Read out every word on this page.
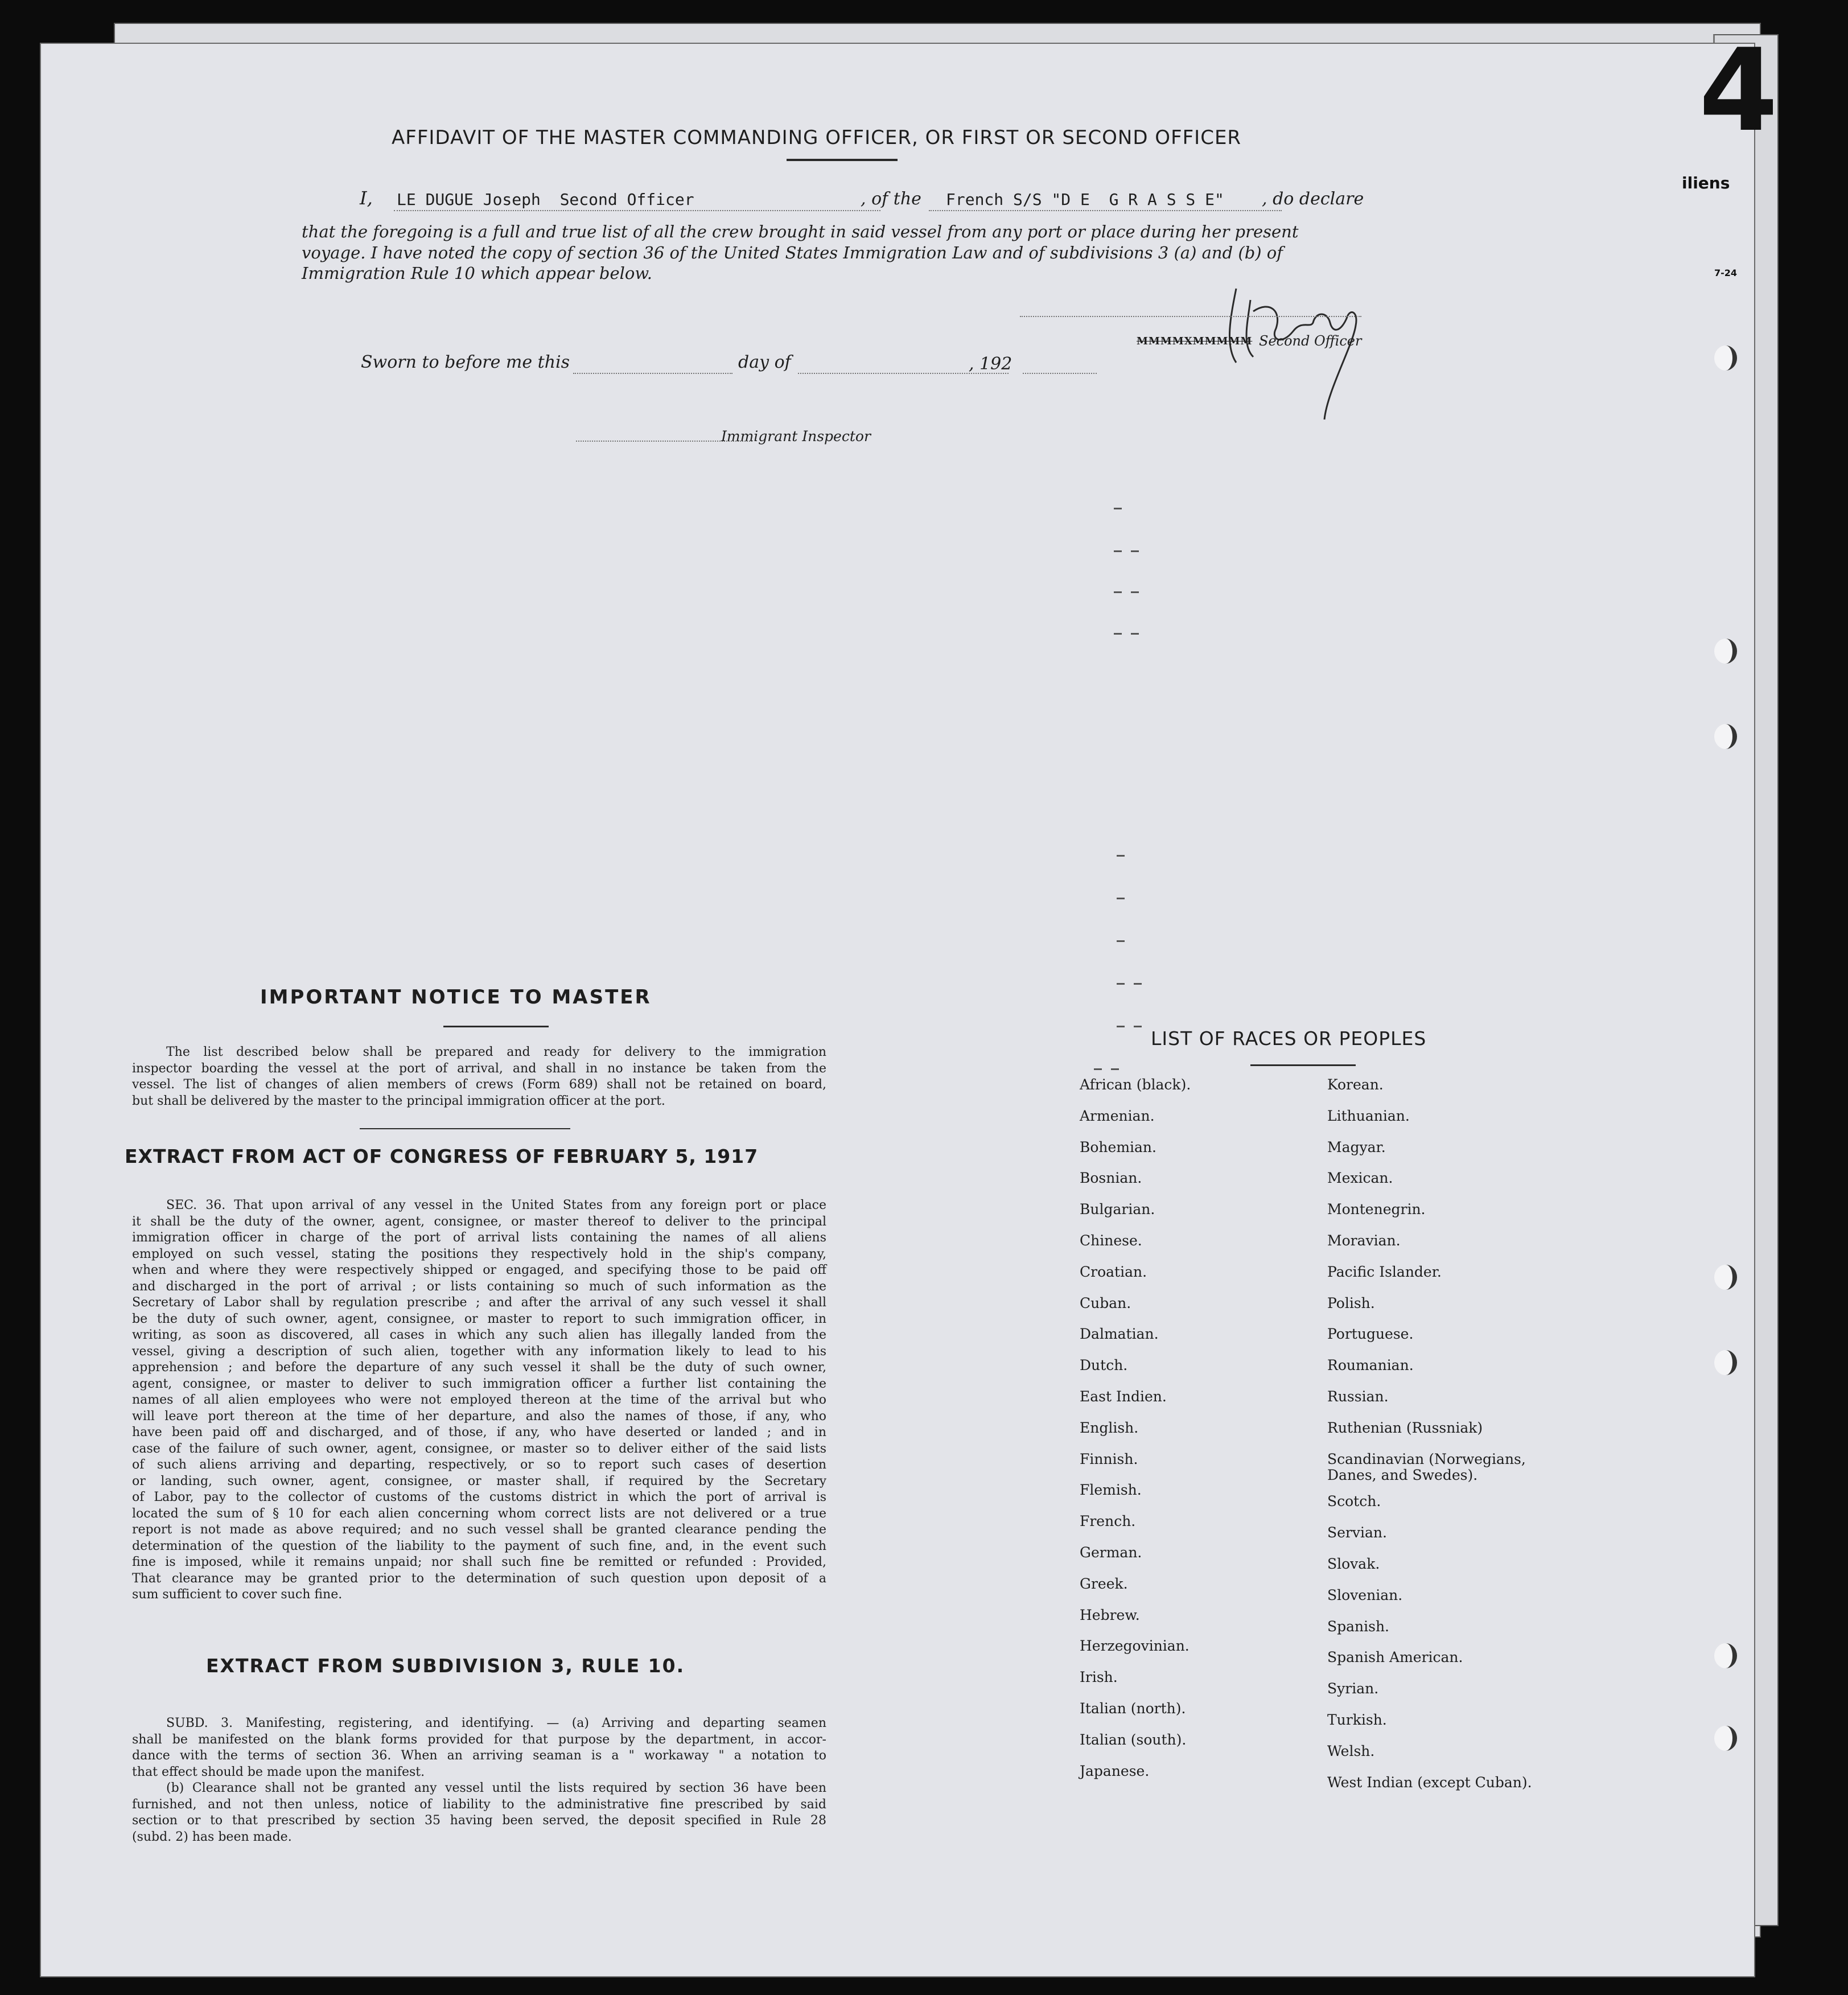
4
iliens
7-24
AFFIDAVIT OF THE MASTER COMMANDING OFFICER, OR FIRST OR SECOND OFFICER
I, LE DUGUE Joseph  Second Officer	, of the French S/S "D E  G R A S S E" , do declare
that the foregoing is a full and true list of all the crew brought in said vessel from any port or place during her present
voyage. I have noted the copy of section 36 of the United States Immigration Law and of subdivisions 3 (a) and (b) of
Immigration Rule 10 which appear below.
MMMMXMMMMM Second Officer
Sworn to before me this	day of	, 192
Immigrant Inspector
IMPORTANT NOTICE TO MASTER
The list described below shall be prepared and ready for delivery to the immigration
inspector boarding the vessel at the port of arrival, and shall in no instance be taken from the
vessel. The list of changes of alien members of crews (Form 689) shall not be retained on board,
but shall be delivered by the master to the principal immigration officer at the port.
EXTRACT FROM ACT OF CONGRESS OF FEBRUARY 5, 1917
SEC. 36. That upon arrival of any vessel in the United States from any foreign port or place
it shall be the duty of the owner, agent, consignee, or master thereof to deliver to the principal
immigration officer in charge of the port of arrival lists containing the names of all aliens
employed on such vessel, stating the positions they respectively hold in the ship's company,
when and where they were respectively shipped or engaged, and specifying those to be paid off
and discharged in the port of arrival ; or lists containing so much of such information as the
Secretary of Labor shall by regulation prescribe ; and after the arrival of any such vessel it shall
be the duty of such owner, agent, consignee, or master to report to such immigration officer, in
writing, as soon as discovered, all cases in which any such alien has illegally landed from the
vessel, giving a description of such alien, together with any information likely to lead to his
apprehension ; and before the departure of any such vessel it shall be the duty of such owner,
agent, consignee, or master to deliver to such immigration officer a further list containing the
names of all alien employees who were not employed thereon at the time of the arrival but who
will leave port thereon at the time of her departure, and also the names of those, if any, who
have been paid off and discharged, and of those, if any, who have deserted or landed ; and in
case of the failure of such owner, agent, consignee, or master so to deliver either of the said lists
of such aliens arriving and departing, respectively, or so to report such cases of desertion
or landing, such owner, agent, consignee, or master shall, if required by the Secretary
of Labor, pay to the collector of customs of the customs district in which the port of arrival is
located the sum of § 10 for each alien concerning whom correct lists are not delivered or a true
report is not made as above required; and no such vessel shall be granted clearance pending the
determination of the question of the liability to the payment of such fine, and, in the event such
fine is imposed, while it remains unpaid; nor shall such fine be remitted or refunded : Provided,
That clearance may be granted prior to the determination of such question upon deposit of a
sum sufficient to cover such fine.
EXTRACT FROM SUBDIVISION 3, RULE 10.
SUBD. 3. Manifesting, registering, and identifying. — (a) Arriving and departing seamen
shall be manifested on the blank forms provided for that purpose by the department, in accor-
dance with the terms of section 36. When an arriving seaman is a " workaway " a notation to
that effect should be made upon the manifest.
(b) Clearance shall not be granted any vessel until the lists required by section 36 have been
furnished, and not then unless, notice of liability to the administrative fine prescribed by said
section or to that prescribed by section 35 having been served, the deposit specified in Rule 28
(subd. 2) has been made.
LIST OF RACES OR PEOPLES
African (black).
Armenian.
Bohemian.
Bosnian.
Bulgarian.
Chinese.
Croatian.
Cuban.
Dalmatian.
Dutch.
East Indien.
English.
Finnish.
Flemish.
French.
German.
Greek.
Hebrew.
Herzegovinian.
Irish.
Italian (north).
Italian (south).
Japanese.
Korean.
Lithuanian.
Magyar.
Mexican.
Montenegrin.
Moravian.
Pacific Islander.
Polish.
Portuguese.
Roumanian.
Russian.
Ruthenian (Russniak)
Scandinavian (Norwegians,
Danes, and Swedes).
Scotch.
Servian.
Slovak.
Slovenian.
Spanish.
Spanish American.
Syrian.
Turkish.
Welsh.
West Indian (except Cuban).
